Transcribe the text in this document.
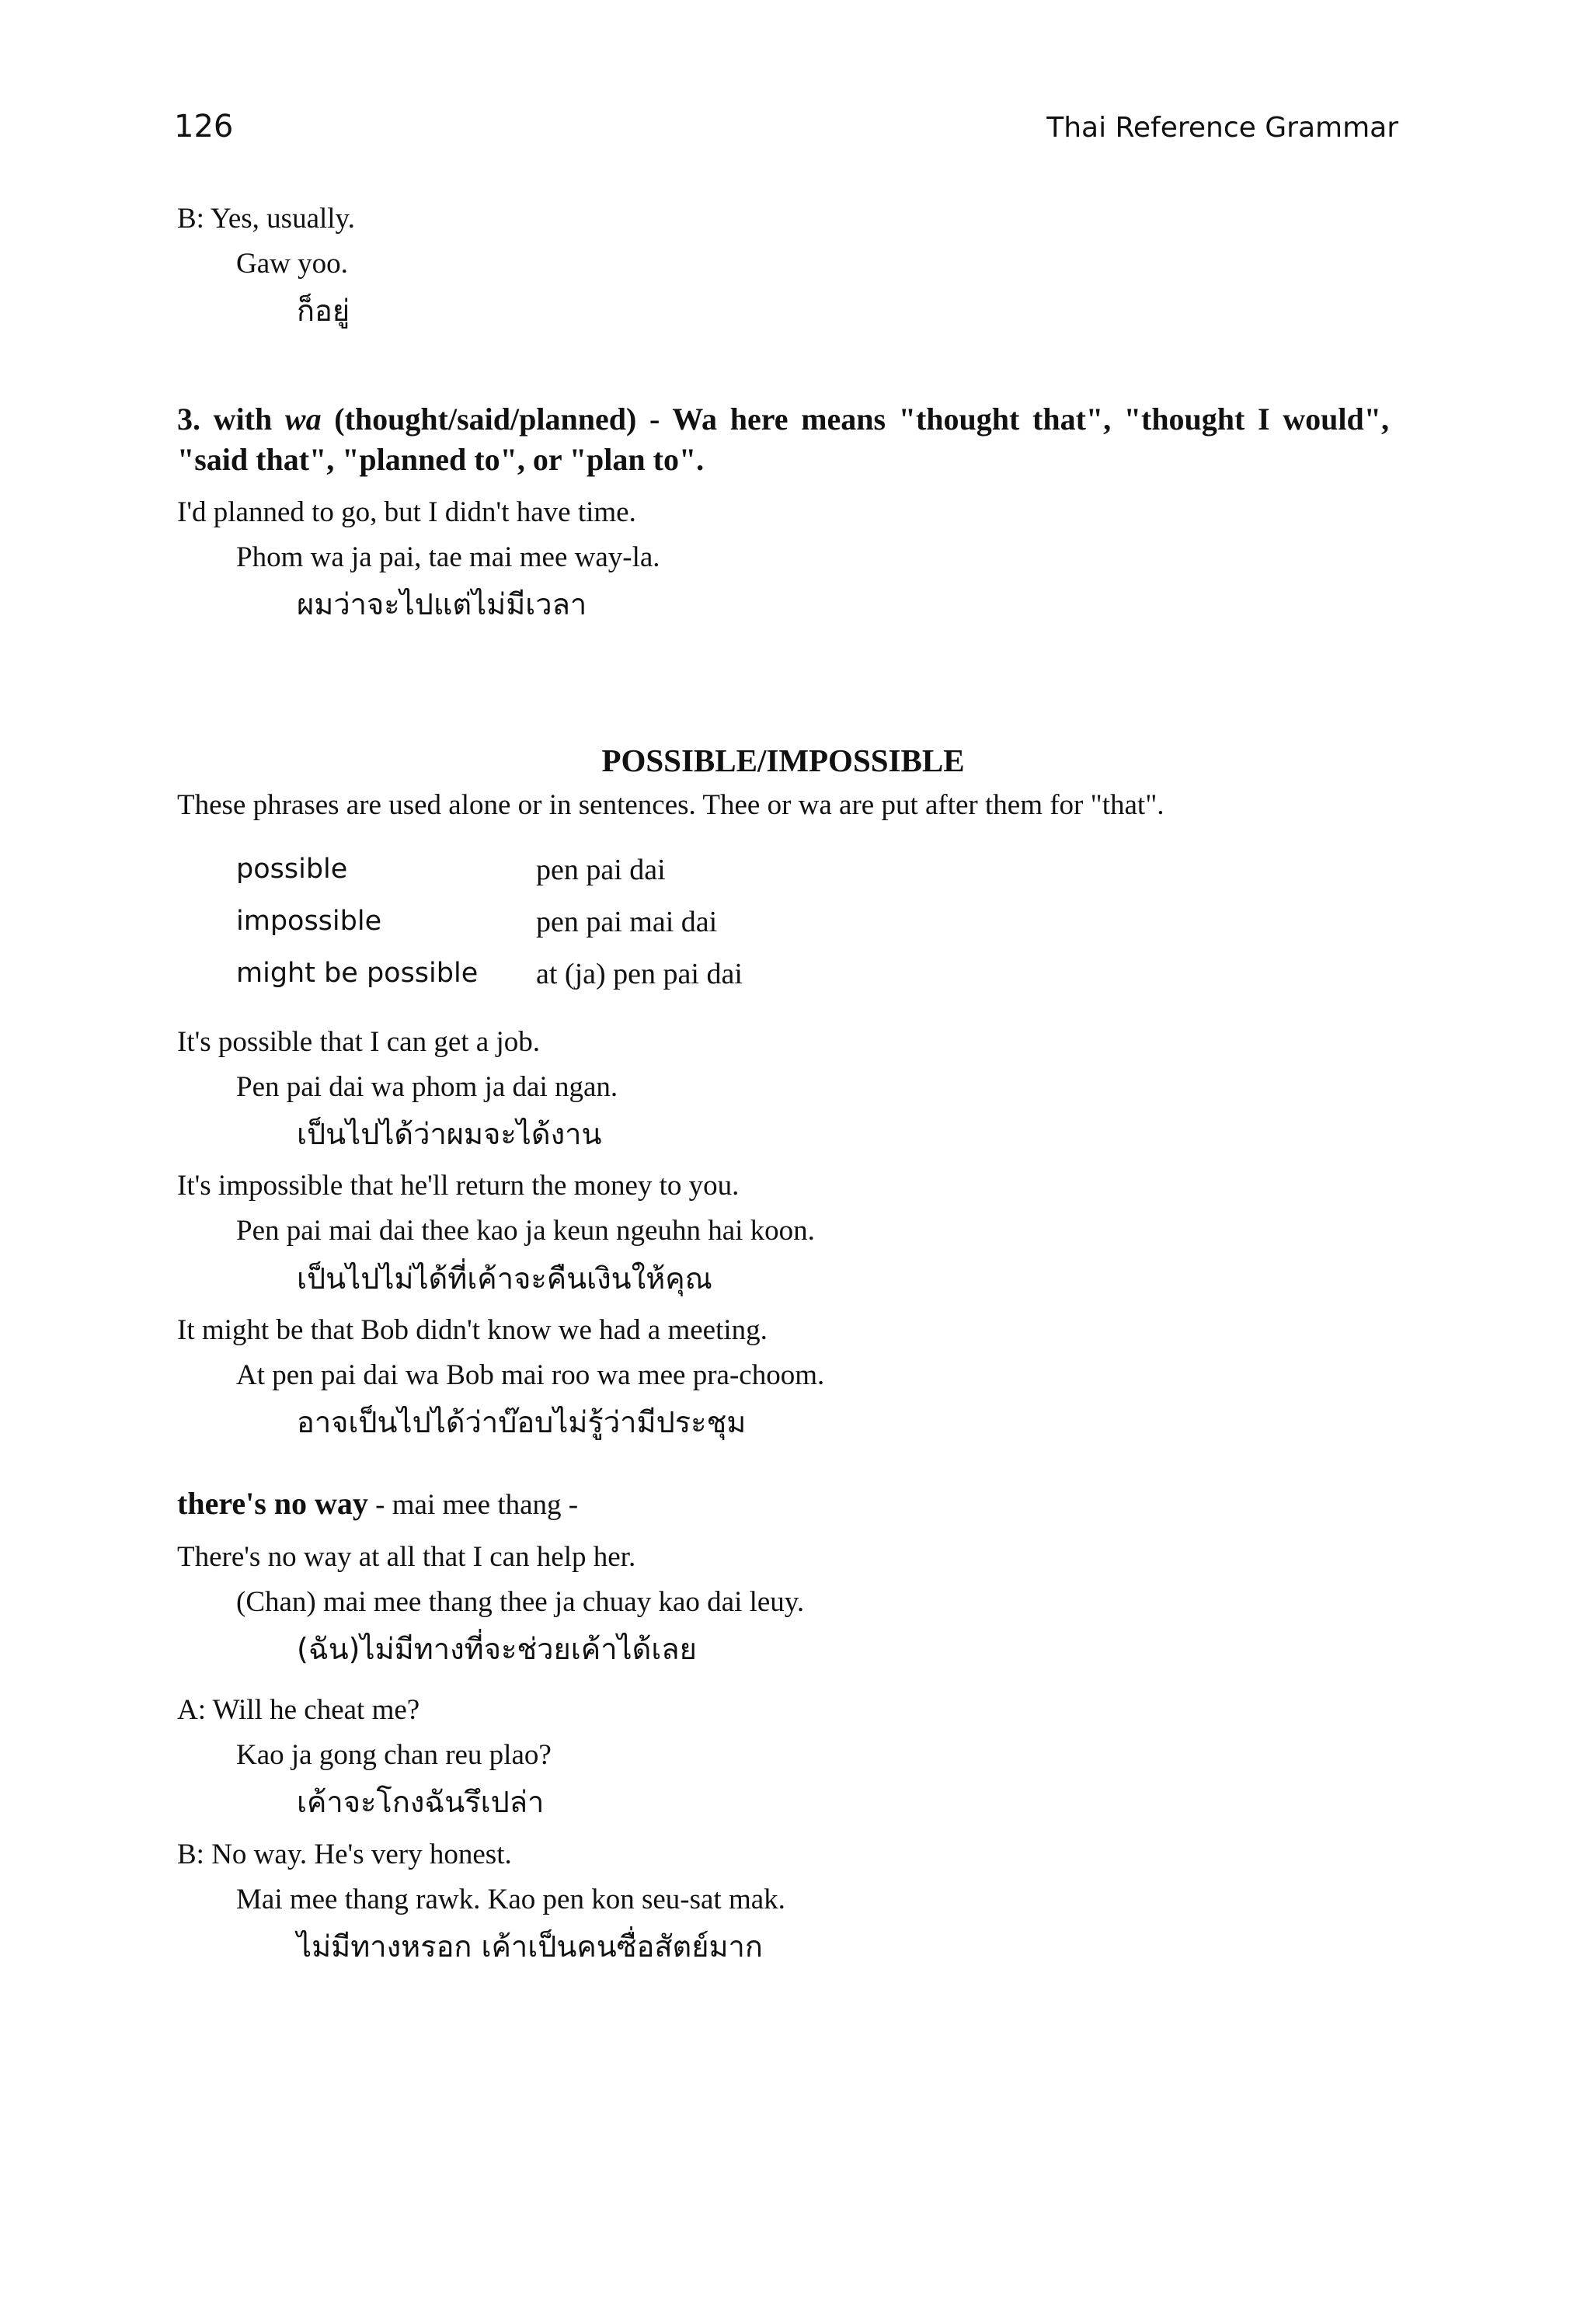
126	Thai Reference Grammar
B: Yes, usually.
Gaw yoo.
ก็อยู่
3. with wa (thought/said/planned) - Wa here means "thought that", "thought I would", "said that", "planned to", or "plan to".
I'd planned to go, but I didn't have time.
Phom wa ja pai, tae mai mee way-la.
ผมว่าจะไปแต่ไม่มีเวลา
POSSIBLE/IMPOSSIBLE
These phrases are used alone or in sentences. Thee or wa are put after them for "that".
possible	pen pai dai
impossible	pen pai mai dai
might be possible	at (ja) pen pai dai
It's possible that I can get a job.
Pen pai dai wa phom ja dai ngan.
เป็นไปได้ว่าผมจะได้งาน
It's impossible that he'll return the money to you.
Pen pai mai dai thee kao ja keun ngeuhn hai koon.
เป็นไปไม่ได้ที่เค้าจะคืนเงินให้คุณ
It might be that Bob didn't know we had a meeting.
At pen pai dai wa Bob mai roo wa mee pra-choom.
อาจเป็นไปได้ว่าบ๊อบไม่รู้ว่ามีประชุม
there's no way - mai mee thang -
There's no way at all that I can help her.
(Chan) mai mee thang thee ja chuay kao dai leuy.
(ฉัน)ไม่มีทางที่จะช่วยเค้าได้เลย
A: Will he cheat me?
Kao ja gong chan reu plao?
เค้าจะโกงฉันรึเปล่า
B: No way. He's very honest.
Mai mee thang rawk. Kao pen kon seu-sat mak.
ไม่มีทางหรอก เค้าเป็นคนซื่อสัตย์มาก
